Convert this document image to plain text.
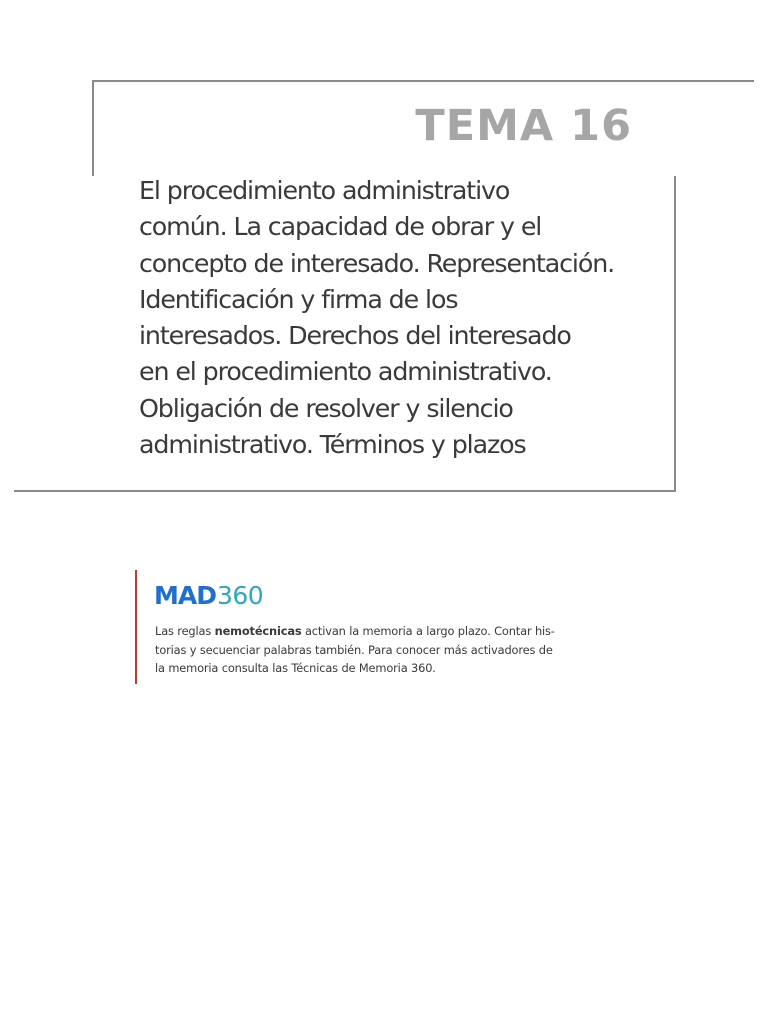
TEMA 16
El procedimiento administrativo
común. La capacidad de obrar y el
concepto de interesado. Representación.
Identificación y firma de los
interesados. Derechos del interesado
en el procedimiento administrativo.
Obligación de resolver y silencio
administrativo. Términos y plazos
MAD 360

Las reglas nemotécnicas activan la memoria a largo plazo. Contar his-
torias y secuenciar palabras también. Para conocer más activadores de
la memoria consulta las Técnicas de Memoria 360.
